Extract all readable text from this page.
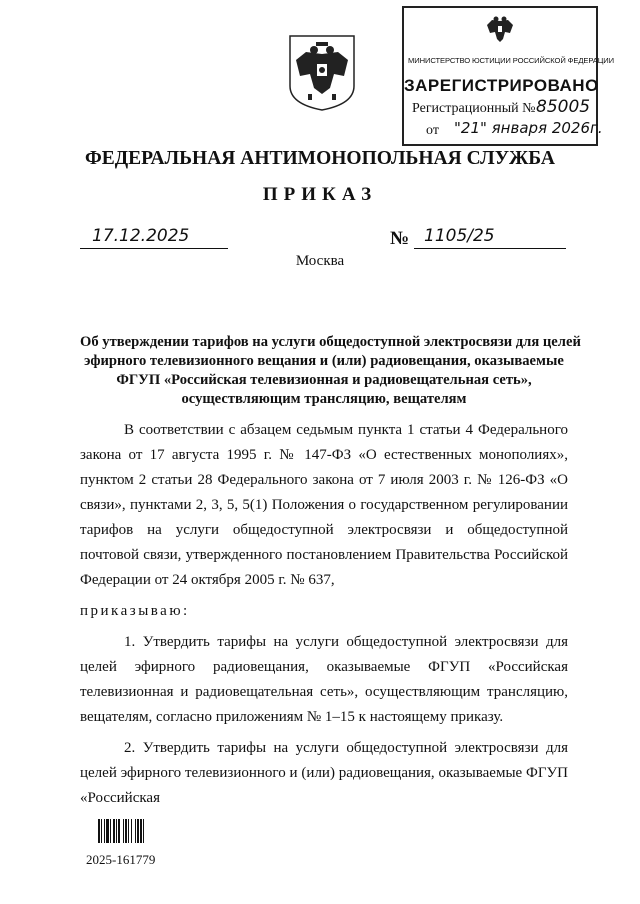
МИНИСТЕРСТВО ЮСТИЦИИ РОССИЙСКОЙ ФЕДЕРАЦИИ
ЗАРЕГИСТРИРОВАНО
Регистрационный № 85005
от "21" января 2026г.
ФЕДЕРАЛЬНАЯ АНТИМОНОПОЛЬНАЯ СЛУЖБА
ПРИКАЗ
17.12.2025	№ 1105/25
Москва
Об утверждении тарифов на услуги общедоступной электросвязи для целей
эфирного телевизионного вещания и (или) радиовещания, оказываемые
ФГУП «Российская телевизионная и радиовещательная сеть»,
осуществляющим трансляцию, вещателям

В соответствии с абзацем седьмым пункта 1 статьи 4 Федерального закона от 17 августа 1995 г. № 147-ФЗ «О естественных монополиях», пунктом 2 статьи 28 Федерального закона от 7 июля 2003 г. № 126-ФЗ «О связи», пунктами 2, 3, 5, 5(1) Положения о государственном регулировании тарифов на услуги общедоступной электросвязи и общедоступной почтовой связи, утвержденного постановлением Правительства Российской Федерации от 24 октября 2005 г. № 637,

приказываю:

1. Утвердить тарифы на услуги общедоступной электросвязи для целей эфирного радиовещания, оказываемые ФГУП «Российская телевизионная и радиовещательная сеть», осуществляющим трансляцию, вещателям, согласно приложениям № 1–15 к настоящему приказу.

2. Утвердить тарифы на услуги общедоступной электросвязи для целей эфирного телевизионного и (или) радиовещания, оказываемые ФГУП «Российская

2025-161779
